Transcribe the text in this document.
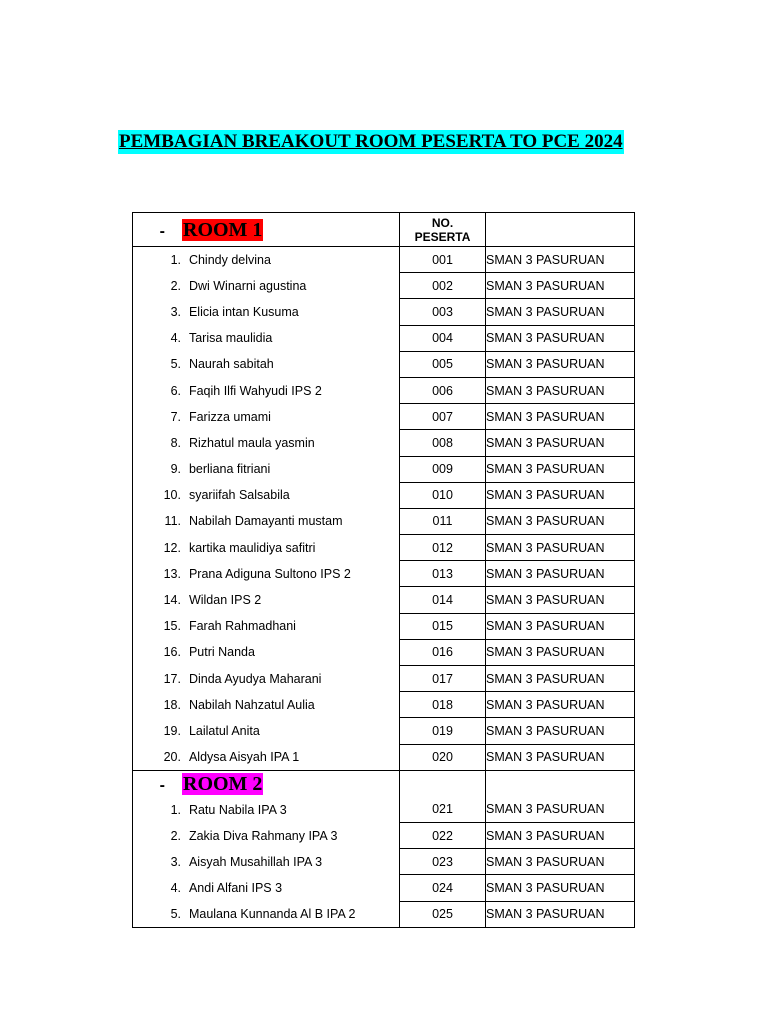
PEMBAGIAN BREAKOUT ROOM PESERTA TO PCE 2024
- ROOM 1	NO.
PESERTA	

1. Chindy delvina	001	SMAN 3 PASURUAN
2. Dwi Winarni agustina	002	SMAN 3 PASURUAN
3. Elicia intan Kusuma	003	SMAN 3 PASURUAN
4. Tarisa maulidia	004	SMAN 3 PASURUAN
5. Naurah sabitah	005	SMAN 3 PASURUAN
6. Faqih Ilfi Wahyudi IPS 2	006	SMAN 3 PASURUAN
7. Farizza umami	007	SMAN 3 PASURUAN
8. Rizhatul maula yasmin	008	SMAN 3 PASURUAN
9. berliana fitriani	009	SMAN 3 PASURUAN
10. syariifah Salsabila	010	SMAN 3 PASURUAN
11. Nabilah Damayanti mustam	011	SMAN 3 PASURUAN
12. kartika maulidiya safitri	012	SMAN 3 PASURUAN
13. Prana Adiguna Sultono IPS 2	013	SMAN 3 PASURUAN
14. Wildan IPS 2	014	SMAN 3 PASURUAN
15. Farah Rahmadhani	015	SMAN 3 PASURUAN
16. Putri Nanda	016	SMAN 3 PASURUAN
17. Dinda Ayudya Maharani	017	SMAN 3 PASURUAN
18. Nabilah Nahzatul Aulia	018	SMAN 3 PASURUAN
19. Lailatul Anita	019	SMAN 3 PASURUAN
20. Aldysa Aisyah IPA 1	020	SMAN 3 PASURUAN
- ROOM 2		
1. Ratu Nabila IPA 3	021	SMAN 3 PASURUAN
2. Zakia Diva Rahmany IPA 3	022	SMAN 3 PASURUAN
3. Aisyah Musahillah IPA 3	023	SMAN 3 PASURUAN
4. Andi Alfani IPS 3	024	SMAN 3 PASURUAN
5. Maulana Kunnanda Al B IPA 2	025	SMAN 3 PASURUAN
